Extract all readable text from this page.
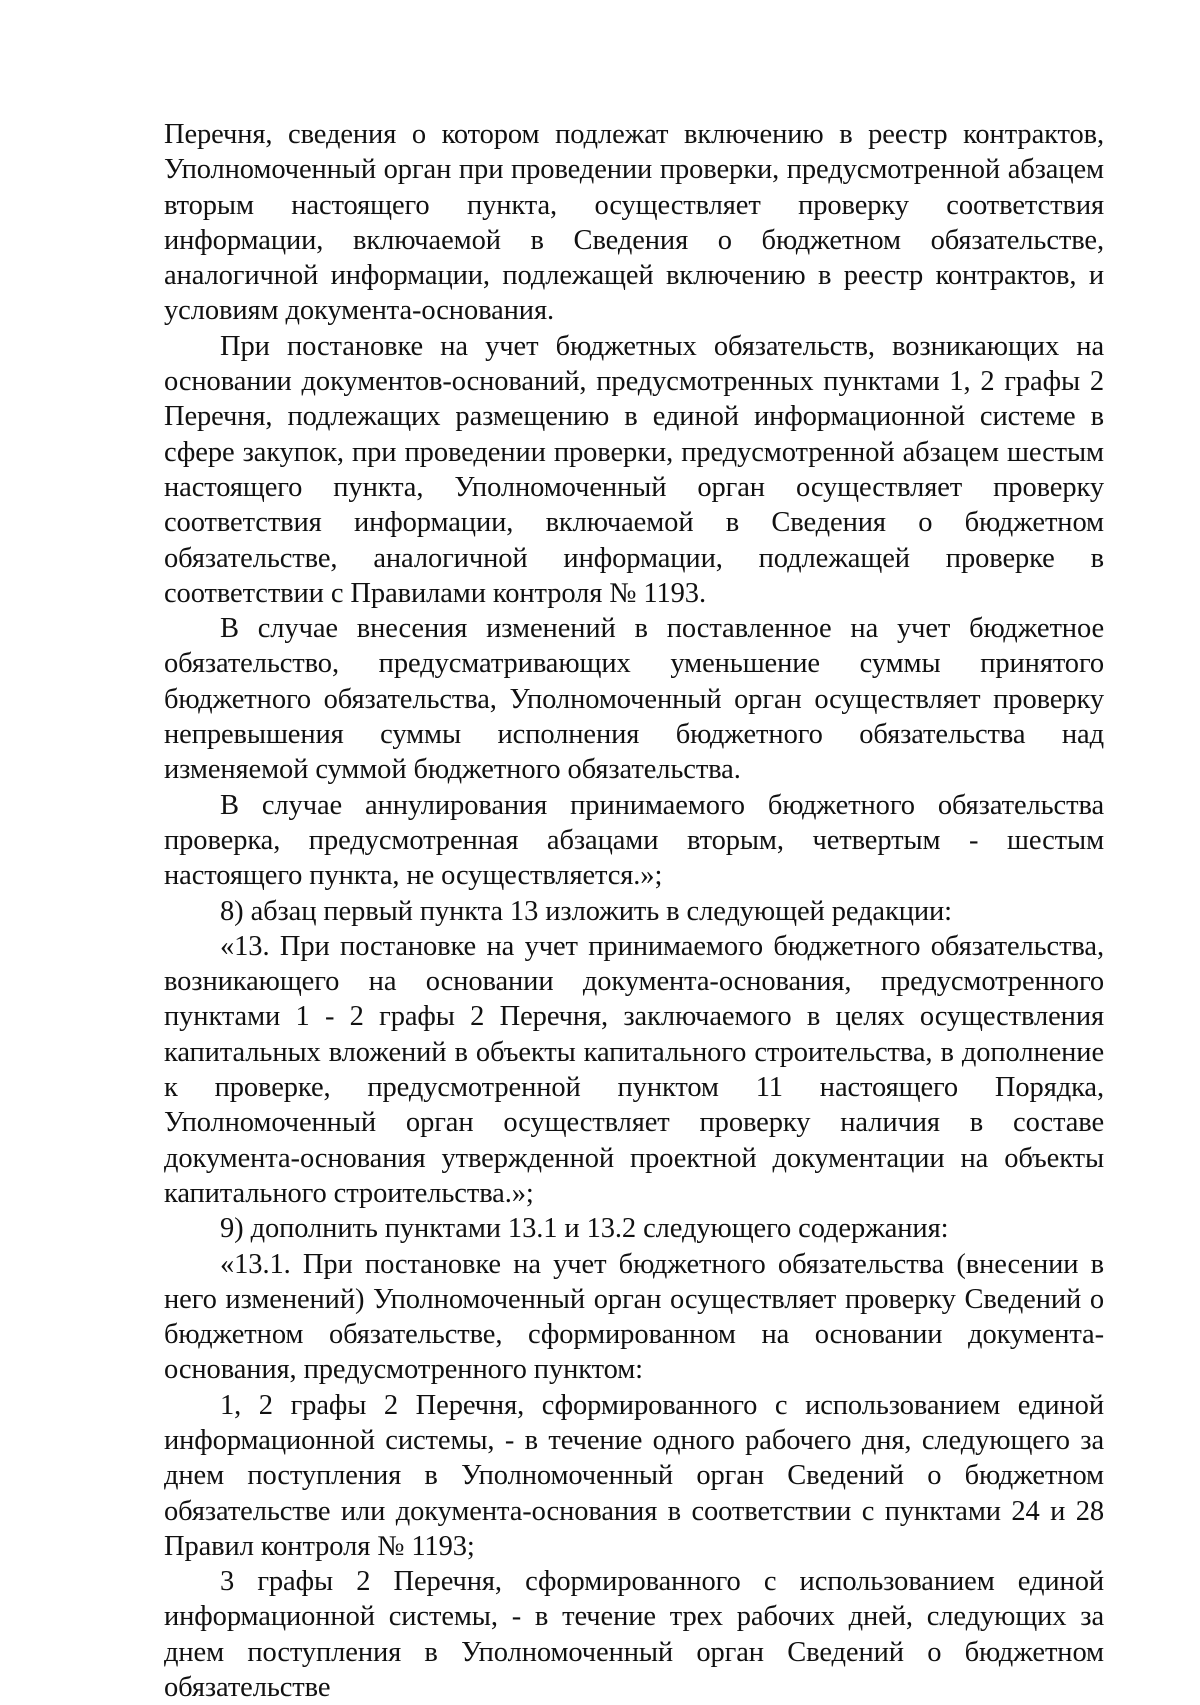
Перечня, сведения о котором подлежат включению в реестр контрактов, Уполномоченный орган при проведении проверки, предусмотренной абзацем вторым настоящего пункта, осуществляет проверку соответствия информации, включаемой в Сведения о бюджетном обязательстве, аналогичной информации, подлежащей включению в реестр контрактов, и условиям документа-основания.

При постановке на учет бюджетных обязательств, возникающих на основании документов-оснований, предусмотренных пунктами 1, 2 графы 2 Перечня, подлежащих размещению в единой информационной системе в сфере закупок, при проведении проверки, предусмотренной абзацем шестым настоящего пункта, Уполномоченный орган осуществляет проверку соответствия информации, включаемой в Сведения о бюджетном обязательстве, аналогичной информации, подлежащей проверке в соответствии с Правилами контроля № 1193.

В случае внесения изменений в поставленное на учет бюджетное обязательство, предусматривающих уменьшение суммы принятого бюджетного обязательства, Уполномоченный орган осуществляет проверку непревышения суммы исполнения бюджетного обязательства над изменяемой суммой бюджетного обязательства.

В случае аннулирования принимаемого бюджетного обязательства проверка, предусмотренная абзацами вторым, четвертым - шестым настоящего пункта, не осуществляется.»;

8) абзац первый пункта 13 изложить в следующей редакции:

«13. При постановке на учет принимаемого бюджетного обязательства, возникающего на основании документа-основания, предусмотренного пунктами 1 - 2 графы 2 Перечня, заключаемого в целях осуществления капитальных вложений в объекты капитального строительства, в дополнение к проверке, предусмотренной пунктом 11 настоящего Порядка, Уполномоченный орган осуществляет проверку наличия в составе документа-основания утвержденной проектной документации на объекты капитального строительства.»;

9) дополнить пунктами 13.1 и 13.2 следующего содержания:

«13.1. При постановке на учет бюджетного обязательства (внесении в него изменений) Уполномоченный орган осуществляет проверку Сведений о бюджетном обязательстве, сформированном на основании документа-основания, предусмотренного пунктом:

1, 2 графы 2 Перечня, сформированного с использованием единой информационной системы, - в течение одного рабочего дня, следующего за днем поступления в Уполномоченный орган Сведений о бюджетном обязательстве или документа-основания в соответствии с пунктами 24 и 28 Правил контроля № 1193;

3 графы 2 Перечня, сформированного с использованием единой информационной системы, - в течение трех рабочих дней, следующих за днем поступления в Уполномоченный орган Сведений о бюджетном обязательстве
